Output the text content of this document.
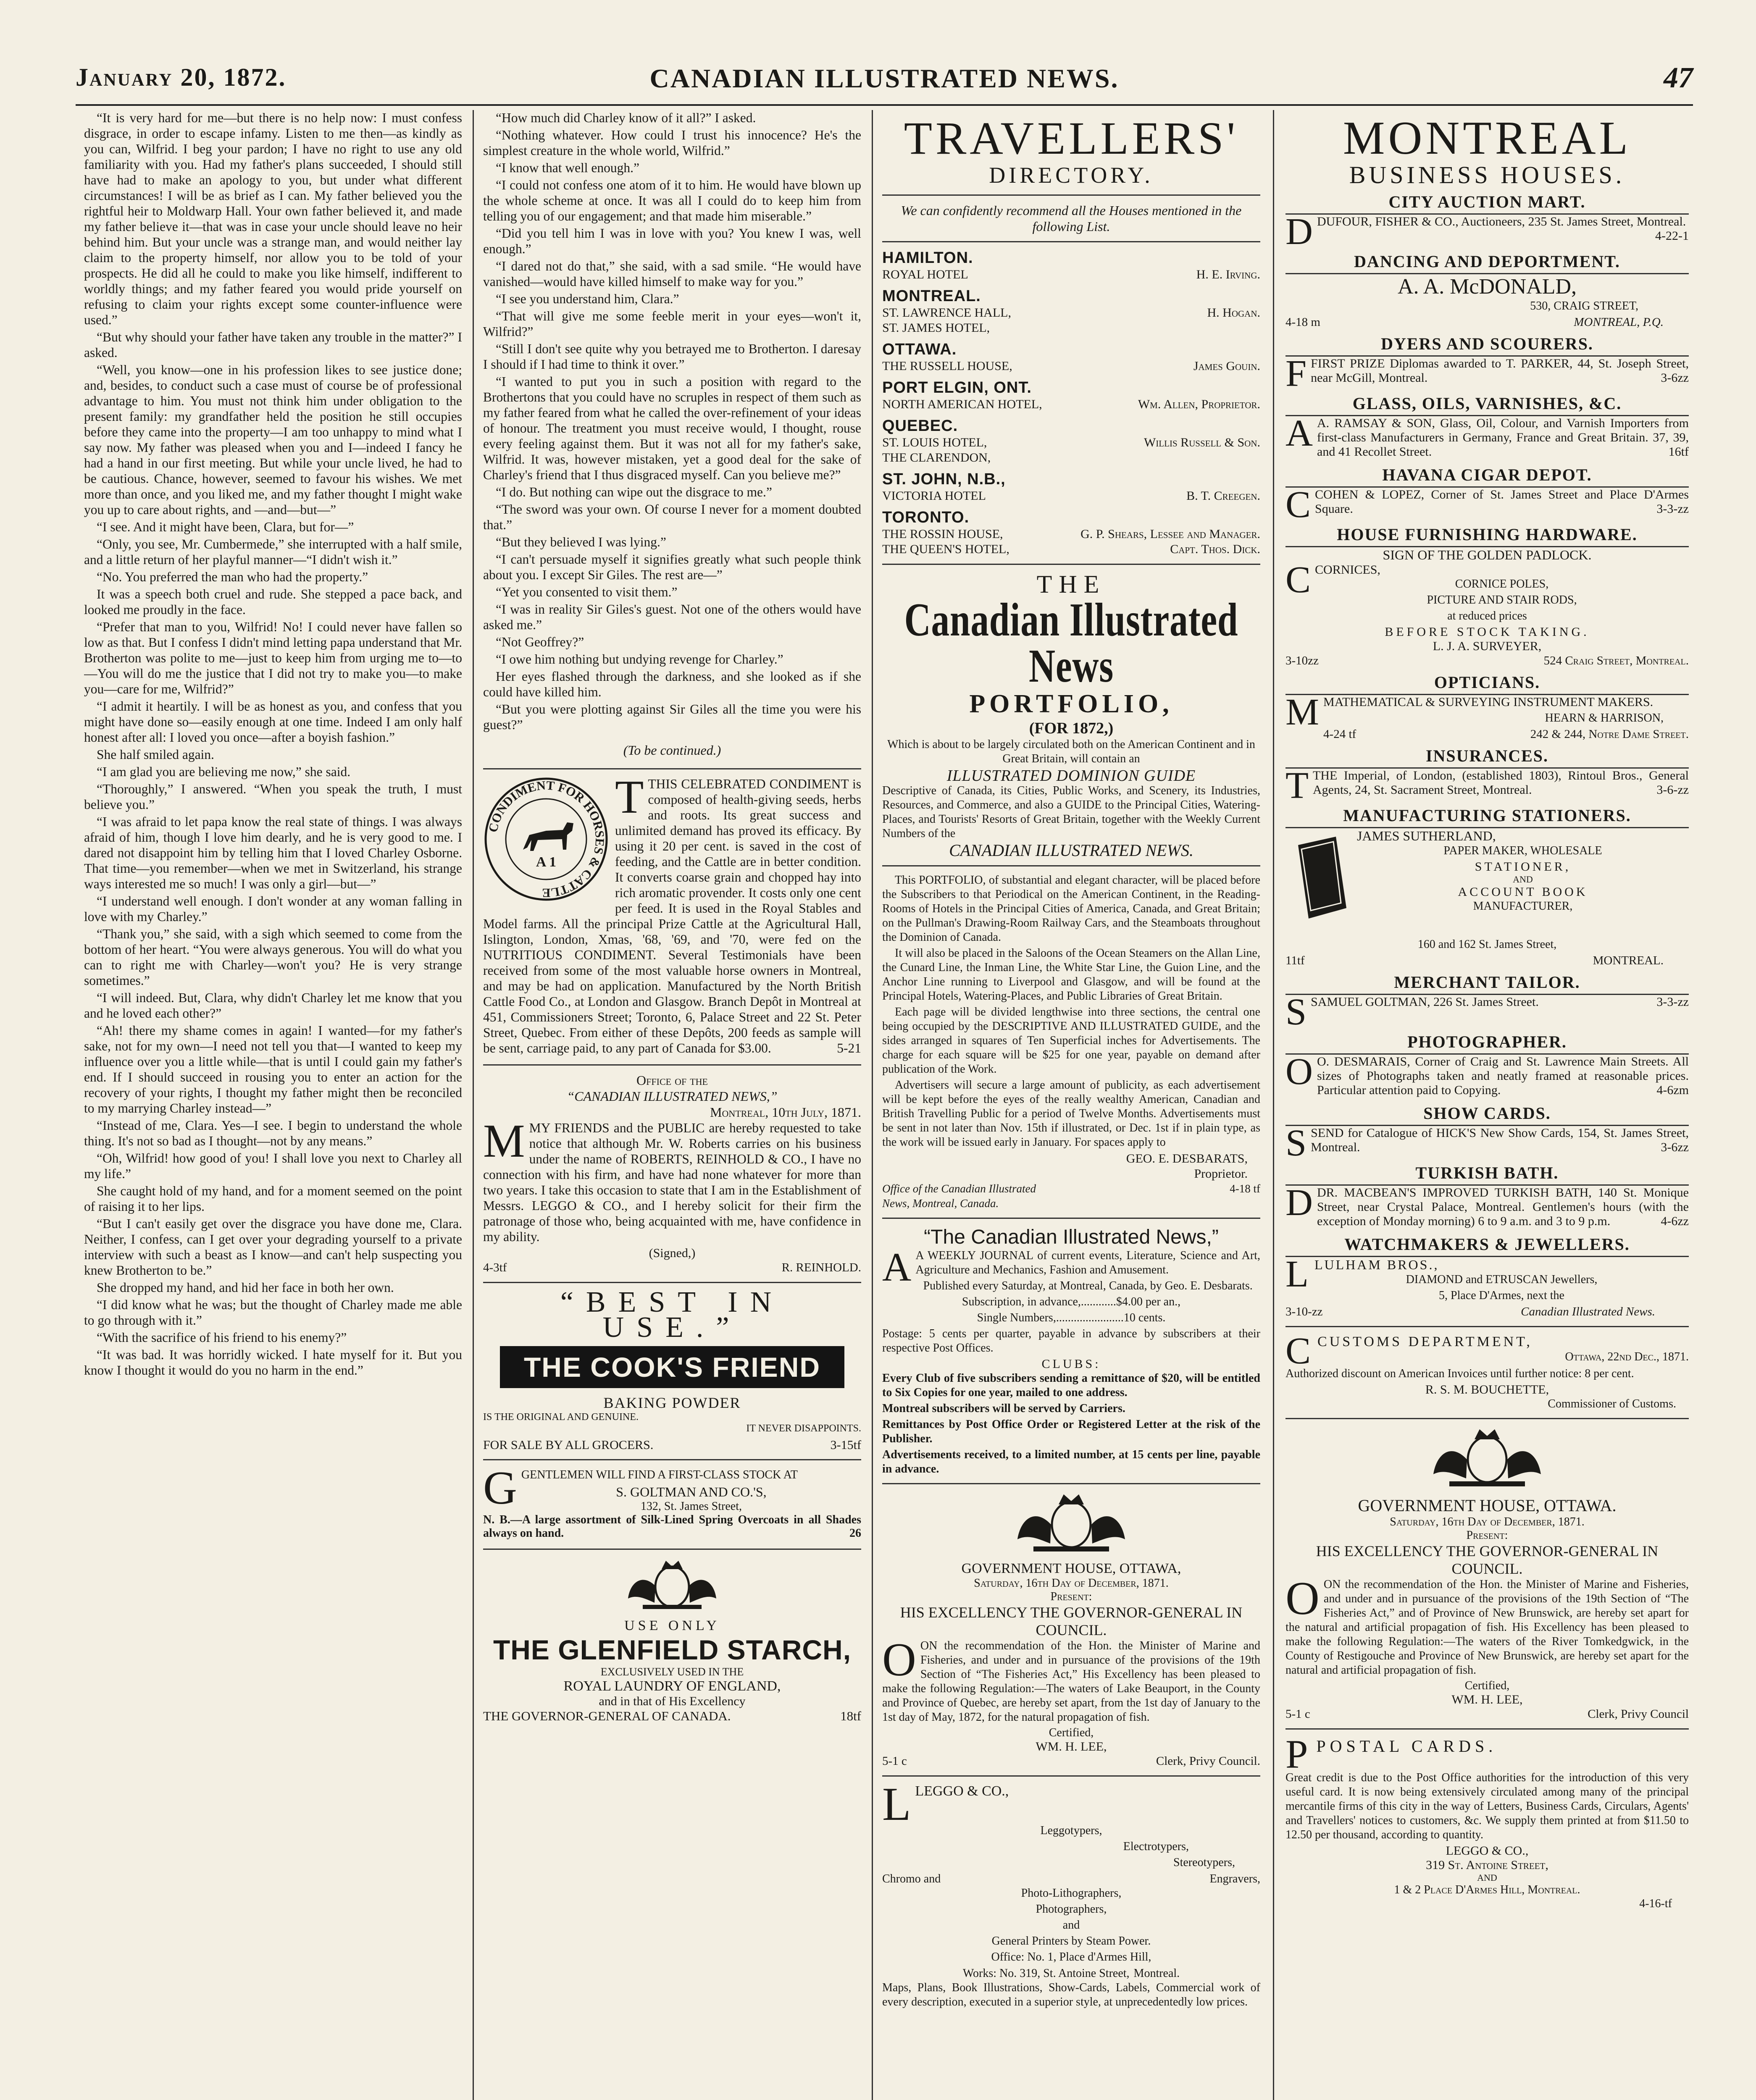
January 20, 1872.	CANADIAN ILLUSTRATED NEWS.	47

“It is very hard for me—but there is no help now: I must confess disgrace, in order to escape infamy. Listen to me then—as kindly as you can, Wilfrid. I beg your pardon; I have no right to use any old familiarity with you. Had my father's plans succeeded, I should still have had to make an apology to you, but under what different circumstances! I will be as brief as I can. My father believed you the rightful heir to Moldwarp Hall. Your own father believed it, and made my father believe it—that was in case your uncle should leave no heir behind him. But your uncle was a strange man, and would neither lay claim to the property himself, nor allow you to be told of your prospects. He did all he could to make you like himself, indifferent to worldly things; and my father feared you would pride yourself on refusing to claim your rights except some counter-influence were used.”

“But why should your father have taken any trouble in the matter?” I asked.

“Well, you know—one in his profession likes to see justice done; and, besides, to conduct such a case must of course be of professional advantage to him. You must not think him under obligation to the present family: my grandfather held the position he still occupies before they came into the property—I am too unhappy to mind what I say now. My father was pleased when you and I—indeed I fancy he had a hand in our first meeting. But while your uncle lived, he had to be cautious. Chance, however, seemed to favour his wishes. We met more than once, and you liked me, and my father thought I might wake you up to care about rights, and —and—but—”

“I see. And it might have been, Clara, but for—”

“Only, you see, Mr. Cumbermede,” she interrupted with a half smile, and a little return of her playful manner—“I didn't wish it.”

“No. You preferred the man who had the property.”

It was a speech both cruel and rude. She stepped a pace back, and looked me proudly in the face.

“Prefer that man to you, Wilfrid! No! I could never have fallen so low as that. But I confess I didn't mind letting papa understand that Mr. Brotherton was polite to me—just to keep him from urging me to—to—You will do me the justice that I did not try to make you—to make you—care for me, Wilfrid?”

“I admit it heartily. I will be as honest as you, and confess that you might have done so—easily enough at one time. Indeed I am only half honest after all: I loved you once—after a boyish fashion.”

She half smiled again.

“I am glad you are believing me now,” she said.

“Thoroughly,” I answered. “When you speak the truth, I must believe you.”

“I was afraid to let papa know the real state of things. I was always afraid of him, though I love him dearly, and he is very good to me. I dared not disappoint him by telling him that I loved Charley Osborne. That time—you remember—when we met in Switzerland, his strange ways interested me so much! I was only a girl—but—”

“I understand well enough. I don't wonder at any woman falling in love with my Charley.”

“Thank you,” she said, with a sigh which seemed to come from the bottom of her heart. “You were always generous. You will do what you can to right me with Charley—won't you? He is very strange sometimes.”

“I will indeed. But, Clara, why didn't Charley let me know that you and he loved each other?”

“Ah! there my shame comes in again! I wanted—for my father's sake, not for my own—I need not tell you that—I wanted to keep my influence over you a little while—that is until I could gain my father's end. If I should succeed in rousing you to enter an action for the recovery of your rights, I thought my father might then be reconciled to my marrying Charley instead—”

“Instead of me, Clara. Yes—I see. I begin to understand the whole thing. It's not so bad as I thought—not by any means.”

“Oh, Wilfrid! how good of you! I shall love you next to Charley all my life.”

She caught hold of my hand, and for a moment seemed on the point of raising it to her lips.

“But I can't easily get over the disgrace you have done me, Clara. Neither, I confess, can I get over your degrading yourself to a private interview with such a beast as I know—and can't help suspecting you knew Brotherton to be.”

She dropped my hand, and hid her face in both her own.

“I did know what he was; but the thought of Charley made me able to go through with it.”

“With the sacrifice of his friend to his enemy?”

“It was bad. It was horridly wicked. I hate myself for it. But you know I thought it would do you no harm in the end.”

“How much did Charley know of it all?” I asked.

“Nothing whatever. How could I trust his innocence? He's the simplest creature in the whole world, Wilfrid.”

“I know that well enough.”

“I could not confess one atom of it to him. He would have blown up the whole scheme at once. It was all I could do to keep him from telling you of our engagement; and that made him miserable.”

“Did you tell him I was in love with you? You knew I was, well enough.”

“I dared not do that,” she said, with a sad smile. “He would have vanished—would have killed himself to make way for you.”

“I see you understand him, Clara.”

“That will give me some feeble merit in your eyes—won't it, Wilfrid?”

“Still I don't see quite why you betrayed me to Brotherton. I daresay I should if I had time to think it over.”

“I wanted to put you in such a position with regard to the Brothertons that you could have no scruples in respect of them such as my father feared from what he called the over-refinement of your ideas of honour. The treatment you must receive would, I thought, rouse every feeling against them. But it was not all for my father's sake, Wilfrid. It was, however mistaken, yet a good deal for the sake of Charley's friend that I thus disgraced myself. Can you believe me?”

“I do. But nothing can wipe out the disgrace to me.”

“The sword was your own. Of course I never for a moment doubted that.”

“But they believed I was lying.”

“I can't persuade myself it signifies greatly what such people think about you. I except Sir Giles. The rest are—”

“Yet you consented to visit them.”

“I was in reality Sir Giles's guest. Not one of the others would have asked me.”

“Not Geoffrey?”

“I owe him nothing but undying revenge for Charley.”

Her eyes flashed through the darkness, and she looked as if she could have killed him.

“But you were plotting against Sir Giles all the time you were his guest?”

(To be continued.)

CONDIMENT FOR HORSES & CATTLE
A 1

TTHIS CELEBRATED CONDIMENT is composed of health-giving seeds, herbs and roots. Its great success and unlimited demand has proved its efficacy. By using it 20 per cent. is saved in the cost of feeding, and the Cattle are in better condition. It converts coarse grain and chopped hay into rich aromatic provender. It costs only one cent per feed. It is used in the Royal Stables and Model farms. All the principal Prize Cattle at the Agricultural Hall, Islington, London, Xmas, '68, '69, and '70, were fed on the NUTRITIOUS CONDIMENT. Several Testimonials have been received from some of the most valuable horse owners in Montreal, and may be had on application. Manufactured by the North British Cattle Food Co., at London and Glasgow. Branch Depôt in Montreal at 451, Commissioners Street; Toronto, 6, Palace Street and 22 St. Peter Street, Quebec. From either of these Depôts, 200 feeds as sample will be sent, carriage paid, to any part of Canada for $3.00.	5-21

Office of the
“CANADIAN ILLUSTRATED NEWS,”
Montreal, 10th July, 1871.

MMY FRIENDS and the PUBLIC are hereby requested to take notice that although Mr. W. Roberts carries on his business under the name of ROBERTS, REINHOLD & CO., I have no connection with his firm, and have had none whatever for more than two years. I take this occasion to state that I am in the Establishment of Messrs. LEGGO & CO., and I hereby solicit for their firm the patronage of those who, being acquainted with me, have confidence in my ability.

(Signed,)
4-3tf	R. REINHOLD.
“BEST IN USE.”
THE COOK'S FRIEND
BAKING POWDER
IS THE ORIGINAL AND GENUINE.
IT NEVER DISAPPOINTS.
FOR SALE BY ALL GROCERS.	3-15tf

GGENTLEMEN WILL FIND A FIRST-CLASS STOCK AT

S. GOLTMAN AND CO.'S,
132, St. James Street,

N. B.—A large assortment of Silk-Lined Spring Overcoats in all Shades always on hand.	26

USE ONLY
THE GLENFIELD STARCH,
EXCLUSIVELY USED IN THE
ROYAL LAUNDRY OF ENGLAND,
and in that of His Excellency
THE GOVERNOR-GENERAL OF CANADA.	18tf
TRAVELLERS'
DIRECTORY.
We can confidently recommend all the Houses mentioned in the following List.
HAMILTON.
ROYAL HOTEL	H. E. Irving.
MONTREAL.
ST. LAWRENCE HALL,	H. Hogan.
ST. JAMES HOTEL,
OTTAWA.
THE RUSSELL HOUSE,	James Gouin.
PORT ELGIN, ONT.
NORTH AMERICAN HOTEL,	Wm. Allen, Proprietor.
QUEBEC.
ST. LOUIS HOTEL,	Willis Russell & Son.
THE CLARENDON,
ST. JOHN, N.B.,
VICTORIA HOTEL	B. T. Creegen.
TORONTO.
THE ROSSIN HOUSE,	G. P. Shears, Lessee and Manager.
THE QUEEN'S HOTEL,	Capt. Thos. Dick.
THE
Canadian Illustrated News
PORTFOLIO,
(FOR 1872,)
Which is about to be largely circulated both on the American Continent and in Great Britain, will contain an
ILLUSTRATED DOMINION GUIDE
Descriptive of Canada, its Cities, Public Works, and Scenery, its Industries, Resources, and Commerce, and also a GUIDE to the Principal Cities, Watering-Places, and Tourists' Resorts of Great Britain, together with the Weekly Current Numbers of the
CANADIAN ILLUSTRATED NEWS.

This PORTFOLIO, of substantial and elegant character, will be placed before the Subscribers to that Periodical on the American Continent, in the Reading-Rooms of Hotels in the Principal Cities of America, Canada, and Great Britain; on the Pullman's Drawing-Room Railway Cars, and the Steamboats throughout the Dominion of Canada.

It will also be placed in the Saloons of the Ocean Steamers on the Allan Line, the Cunard Line, the Inman Line, the White Star Line, the Guion Line, and the Anchor Line running to Liverpool and Glasgow, and will be found at the Principal Hotels, Watering-Places, and Public Libraries of Great Britain.

Each page will be divided lengthwise into three sections, the central one being occupied by the DESCRIPTIVE AND ILLUSTRATED GUIDE, and the sides arranged in squares of Ten Superficial inches for Advertisements. The charge for each square will be $25 for one year, payable on demand after publication of the Work.

Advertisers will secure a large amount of publicity, as each advertisement will be kept before the eyes of the really wealthy American, Canadian and British Travelling Public for a period of Twelve Months. Advertisements must be sent in not later than Nov. 15th if illustrated, or Dec. 1st if in plain type, as the work will be issued early in January. For spaces apply to

GEO. E. DESBARATS,
Proprietor.
Office of the Canadian Illustrated News, Montreal, Canada.
4-18 tf
“The Canadian Illustrated News,”

A A WEEKLY JOURNAL of current events, Literature, Science and Art, Agriculture and Mechanics, Fashion and Amusement.

Published every Saturday, at Montreal, Canada, by Geo. E. Desbarats.
Subscription, in advance,............$4.00 per an.,
Single Numbers,.......................10 cents.
Postage: 5 cents per quarter, payable in advance by subscribers at their respective Post Offices.
CLUBS:
Every Club of five subscribers sending a remittance of $20, will be entitled to Six Copies for one year, mailed to one address.
Montreal subscribers will be served by Carriers.
Remittances by Post Office Order or Registered Letter at the risk of the Publisher.
Advertisements received, to a limited number, at 15 cents per line, payable in advance.
GOVERNMENT HOUSE, OTTAWA,
Saturday, 16th Day of December, 1871.
Present:
HIS EXCELLENCY THE GOVERNOR-GENERAL IN COUNCIL.

OON the recommendation of the Hon. the Minister of Marine and Fisheries, and under and in pursuance of the provisions of the 19th Section of “The Fisheries Act,” His Excellency has been pleased to make the following Regulation:—The waters of Lake Beauport, in the County and Province of Quebec, are hereby set apart, from the 1st day of January to the 1st day of May, 1872, for the natural propagation of fish.

Certified,
WM. H. LEE,
5-1 c	Clerk, Privy Council.
LLEGGO & CO.,
Leggotypers,
Electrotypers,
Stereotypers,
Chromo and	Engravers,
Photo-Lithographers,
Photographers,
and
General Printers by Steam Power.
Office: No. 1, Place d'Armes Hill,
Works: No. 319, St. Antoine Street, Montreal.
Maps, Plans, Book Illustrations, Show-Cards, Labels, Commercial work of every description, executed in a superior style, at unprecedentedly low prices.
MONTREAL
BUSINESS HOUSES.
CITY AUCTION MART.
DDUFOUR, FISHER & CO., Auctioneers, 235 St. James Street, Montreal.
4-22-1
DANCING AND DEPORTMENT.
A. A. McDONALD,
530, CRAIG STREET,
4-18 m	MONTREAL, P.Q.
DYERS AND SCOURERS.
FFIRST PRIZE Diplomas awarded to T. PARKER, 44, St. Joseph Street, near McGill, Montreal.	3-6zz
GLASS, OILS, VARNISHES, &C.
A A. RAMSAY & SON, Glass, Oil, Colour, and Varnish Importers from first-class Manufacturers in Germany, France and Great Britain. 37, 39, and 41 Recollet Street.	16tf
HAVANA CIGAR DEPOT.
CCOHEN & LOPEZ, Corner of St. James Street and Place D'Armes Square.	3-3-zz
HOUSE FURNISHING HARDWARE.
SIGN OF THE GOLDEN PADLOCK.
CCORNICES,
CORNICE POLES,
PICTURE AND STAIR RODS,
at reduced prices
BEFORE STOCK TAKING.
L. J. A. SURVEYER,
3-10zz	524 Craig Street, Montreal.
OPTICIANS.
MMATHEMATICAL & SURVEYING INSTRUMENT MAKERS.
HEARN & HARRISON,
4-24 tf	242 & 244, Notre Dame Street.
INSURANCES.
TTHE Imperial, of London, (established 1803), Rintoul Bros., General Agents, 24, St. Sacrament Street, Montreal.	3-6-zz
MANUFACTURING STATIONERS.
JAMES SUTHERLAND,
PAPER MAKER, WHOLESALE
STATIONER,
AND
ACCOUNT BOOK
MANUFACTURER,
160 and 162 St. James Street,
11tf	MONTREAL.
MERCHANT TAILOR.
SSAMUEL GOLTMAN, 226 St. James Street.	3-3-zz
PHOTOGRAPHER.
O O. DESMARAIS, Corner of Craig and St. Lawrence Main Streets. All sizes of Photographs taken and neatly framed at reasonable prices. Particular attention paid to Copying.	4-6zm
SHOW CARDS.
SSEND for Catalogue of HICK'S New Show Cards, 154, St. James Street, Montreal.	3-6zz
TURKISH BATH.
DDR. MACBEAN'S IMPROVED TURKISH BATH, 140 St. Monique Street, near Crystal Palace, Montreal. Gentlemen's hours (with the exception of Monday morning) 6 to 9 a.m. and 3 to 9 p.m.	4-6zz
WATCHMAKERS & JEWELLERS.
LLULHAM BROS.,
DIAMOND and ETRUSCAN Jewellers,
5, Place D'Armes, next the
3-10-zz	Canadian Illustrated News.
CCUSTOMS DEPARTMENT,
Ottawa, 22nd Dec., 1871.
Authorized discount on American Invoices until further notice: 8 per cent.
R. S. M. BOUCHETTE,
Commissioner of Customs.
GOVERNMENT HOUSE, OTTAWA.
Saturday, 16th Day of December, 1871.
Present:
HIS EXCELLENCY THE GOVERNOR-GENERAL IN COUNCIL.

OON the recommendation of the Hon. the Minister of Marine and Fisheries, and under and in pursuance of the provisions of the 19th Section of “The Fisheries Act,” and of Province of New Brunswick, are hereby set apart for the natural and artificial propagation of fish. His Excellency has been pleased to make the following Regulation:—The waters of the River Tomkedgwick, in the County of Restigouche and Province of New Brunswick, are hereby set apart for the natural and artificial propagation of fish.

Certified,
WM. H. LEE,
5-1 c	Clerk, Privy Council
PPOSTAL CARDS.
Great credit is due to the Post Office authorities for the introduction of this very useful card. It is now being extensively circulated among many of the principal mercantile firms of this city in the way of Letters, Business Cards, Circulars, Agents' and Travellers' notices to customers, &c. We supply them printed at from $11.50 to 12.50 per thousand, according to quantity.
LEGGO & CO.,
319 St. Antoine Street,
AND
1 & 2 Place D'Armes Hill, Montreal.
4-16-tf
